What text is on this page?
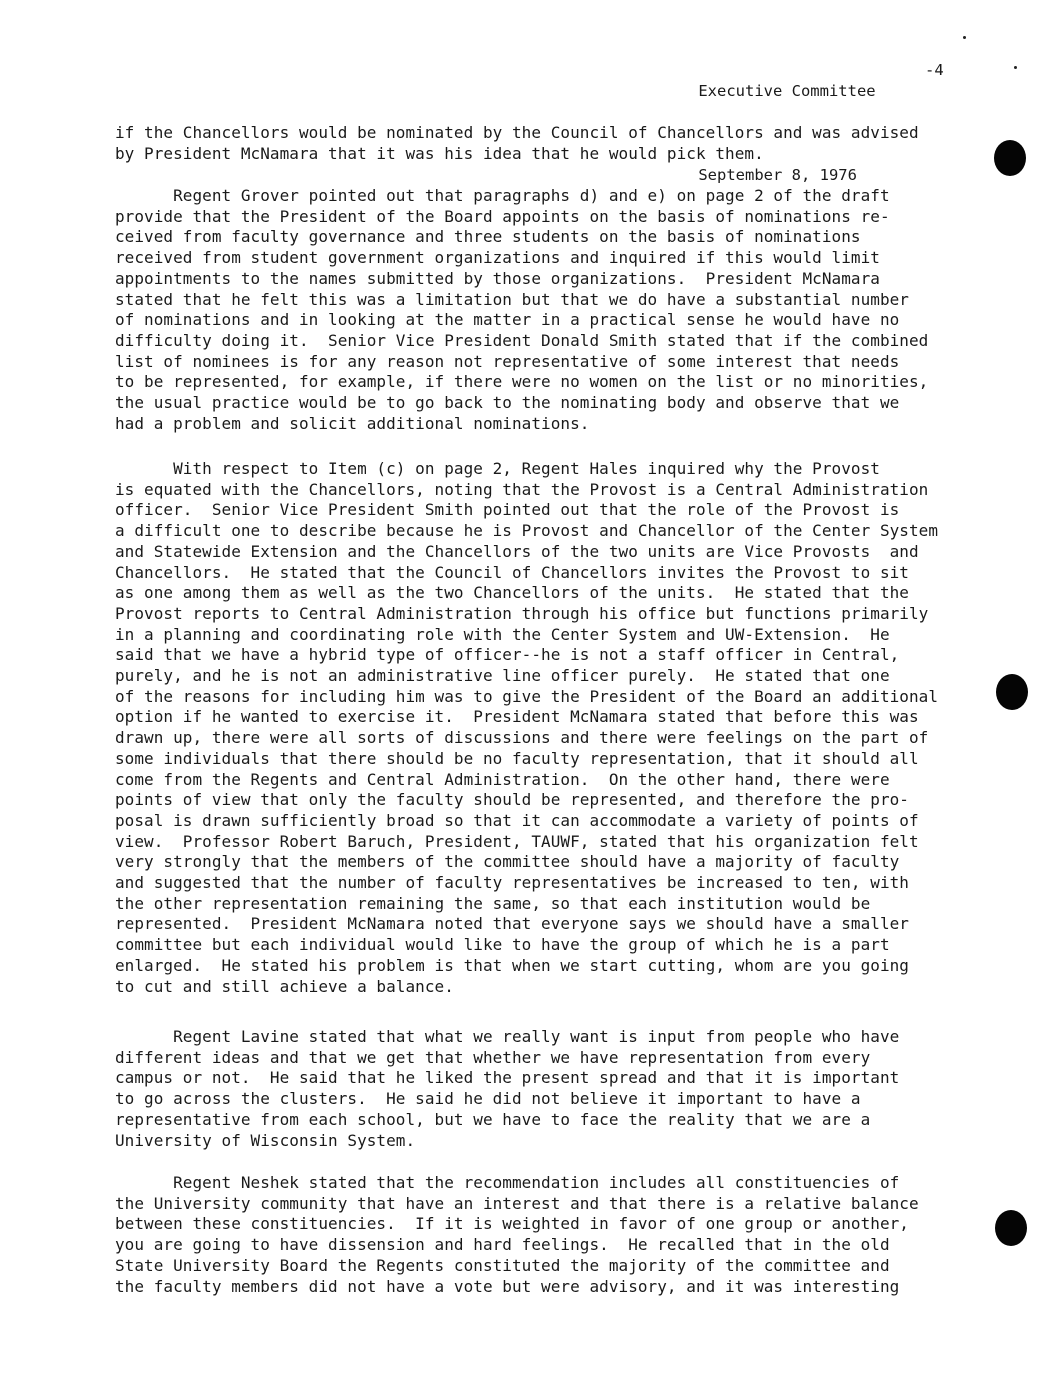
Executive Committee

-4

September 8, 1976

if the Chancellors would be nominated by the Council of Chancellors and was advised
by President McNamara that it was his idea that he would pick them.
Regent Grover pointed out that paragraphs d) and e) on page 2 of the draft
provide that the President of the Board appoints on the basis of nominations re-
ceived from faculty governance and three students on the basis of nominations
received from student government organizations and inquired if this would limit
appointments to the names submitted by those organizations.  President McNamara
stated that he felt this was a limitation but that we do have a substantial number
of nominations and in looking at the matter in a practical sense he would have no
difficulty doing it.  Senior Vice President Donald Smith stated that if the combined
list of nominees is for any reason not representative of some interest that needs
to be represented, for example, if there were no women on the list or no minorities,
the usual practice would be to go back to the nominating body and observe that we
had a problem and solicit additional nominations.
With respect to Item (c) on page 2, Regent Hales inquired why the Provost
is equated with the Chancellors, noting that the Provost is a Central Administration
officer.  Senior Vice President Smith pointed out that the role of the Provost is
a difficult one to describe because he is Provost and Chancellor of the Center System
and Statewide Extension and the Chancellors of the two units are Vice Provosts  and
Chancellors.  He stated that the Council of Chancellors invites the Provost to sit
as one among them as well as the two Chancellors of the units.  He stated that the
Provost reports to Central Administration through his office but functions primarily
in a planning and coordinating role with the Center System and UW-Extension.  He
said that we have a hybrid type of officer--he is not a staff officer in Central,
purely, and he is not an administrative line officer purely.  He stated that one
of the reasons for including him was to give the President of the Board an additional
option if he wanted to exercise it.  President McNamara stated that before this was
drawn up, there were all sorts of discussions and there were feelings on the part of
some individuals that there should be no faculty representation, that it should all
come from the Regents and Central Administration.  On the other hand, there were
points of view that only the faculty should be represented, and therefore the pro-
posal is drawn sufficiently broad so that it can accommodate a variety of points of
view.  Professor Robert Baruch, President, TAUWF, stated that his organization felt
very strongly that the members of the committee should have a majority of faculty
and suggested that the number of faculty representatives be increased to ten, with
the other representation remaining the same, so that each institution would be
represented.  President McNamara noted that everyone says we should have a smaller
committee but each individual would like to have the group of which he is a part
enlarged.  He stated his problem is that when we start cutting, whom are you going
to cut and still achieve a balance.
Regent Lavine stated that what we really want is input from people who have
different ideas and that we get that whether we have representation from every
campus or not.  He said that he liked the present spread and that it is important
to go across the clusters.  He said he did not believe it important to have a
representative from each school, but we have to face the reality that we are a
University of Wisconsin System.
Regent Neshek stated that the recommendation includes all constituencies of
the University community that have an interest and that there is a relative balance
between these constituencies.  If it is weighted in favor of one group or another,
you are going to have dissension and hard feelings.  He recalled that in the old
State University Board the Regents constituted the majority of the committee and
the faculty members did not have a vote but were advisory, and it was interesting
